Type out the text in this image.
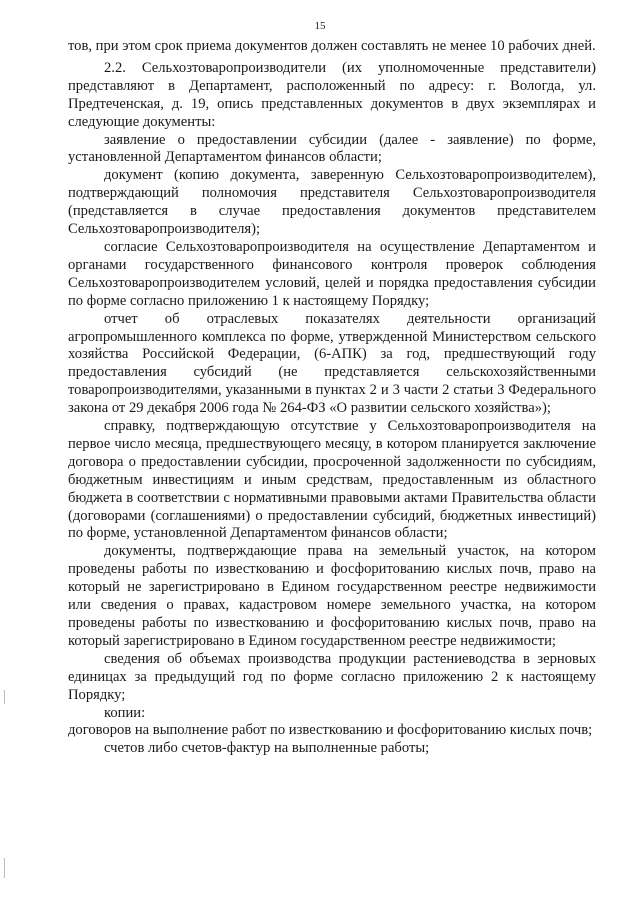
15

тов, при этом срок приема документов должен составлять не менее 10 рабочих дней.

2.2. Сельхозтоваропроизводители (их уполномоченные представители) представляют в Департамент, расположенный по адресу: г. Вологда, ул. Предтеченская, д. 19, опись представленных документов в двух экземплярах и следующие документы:

заявление о предоставлении субсидии (далее - заявление) по форме, установленной Департаментом финансов области;

документ (копию документа, заверенную Сельхозтоваропроизводителем), подтверждающий полномочия представителя Сельхозтоваропроизводителя (представляется в случае предоставления документов представителем Сельхозтоваропроизводителя);

согласие Сельхозтоваропроизводителя на осуществление Департаментом и органами государственного финансового контроля проверок соблюдения Сельхозтоваропроизводителем условий, целей и порядка предоставления субсидии по форме согласно приложению 1 к настоящему Порядку;

отчет об отраслевых показателях деятельности организаций агропромышленного комплекса по форме, утвержденной Министерством сельского хозяйства Российской Федерации, (6-АПК) за год, предшествующий году предоставления субсидий (не представляется сельскохозяйственными товаропроизводителями, указанными в пунктах 2 и 3 части 2 статьи 3 Федерального закона от 29 декабря 2006 года № 264-ФЗ «О развитии сельского хозяйства»);

справку, подтверждающую отсутствие у Сельхозтоваропроизводителя на первое число месяца, предшествующего месяцу, в котором планируется заключение договора о предоставлении субсидии, просроченной задолженности по субсидиям, бюджетным инвестициям и иным средствам, предоставленным из областного бюджета в соответствии с нормативными правовыми актами Правительства области (договорами (соглашениями) о предоставлении субсидий, бюджетных инвестиций) по форме, установленной Департаментом финансов области;

документы, подтверждающие права на земельный участок, на котором проведены работы по известкованию и фосфоритованию кислых почв, право на который не зарегистрировано в Едином государственном реестре недвижимости или сведения о правах, кадастровом номере земельного участка, на котором проведены работы по известкованию и фосфоритованию кислых почв, право на который зарегистрировано в Едином государственном реестре недвижимости;

сведения об объемах производства продукции растениеводства в зерновых единицах за предыдущий год по форме согласно приложению 2 к настоящему Порядку;

копии:

договоров на выполнение работ по известкованию и фосфоритованию кислых почв;

счетов либо счетов-фактур на выполненные работы;
